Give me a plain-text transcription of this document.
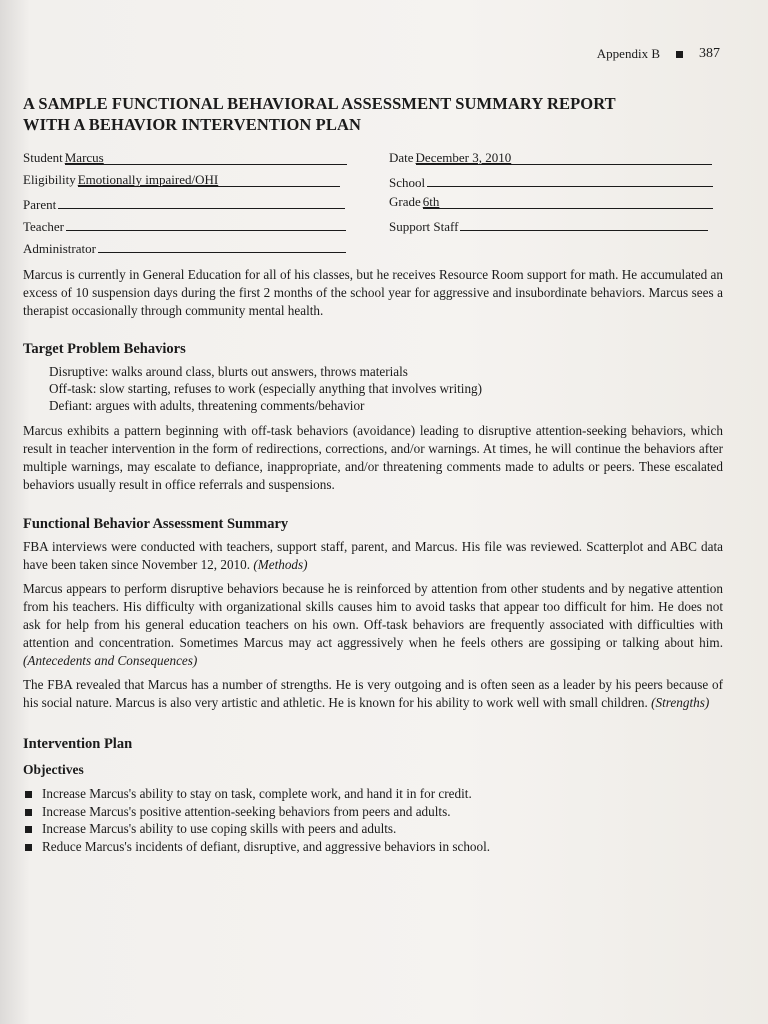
Appendix B	387
A SAMPLE FUNCTIONAL BEHAVIORAL ASSESSMENT SUMMARY REPORT
WITH A BEHAVIOR INTERVENTION PLAN
Student Marcus	Date December 3, 2010
Eligibility Emotionally impaired/OHI	School
Parent	Grade 6th
Teacher	Support Staff
Administrator

Marcus is currently in General Education for all of his classes, but he receives Resource Room support for math. He accumulated an excess of 10 suspension days during the first 2 months of the school year for aggressive and insubordinate behaviors. Marcus sees a therapist occasionally through community mental health.

Target Problem Behaviors
Disruptive: walks around class, blurts out answers, throws materials
Off-task: slow starting, refuses to work (especially anything that involves writing)
Defiant: argues with adults, threatening comments/behavior

Marcus exhibits a pattern beginning with off-task behaviors (avoidance) leading to disruptive attention-seeking behaviors, which result in teacher intervention in the form of redirections, corrections, and/or warnings. At times, he will continue the behaviors after multiple warnings, may escalate to defiance, inappropriate, and/or threatening comments made to adults or peers. These escalated behaviors usually result in office referrals and suspensions.

Functional Behavior Assessment Summary

FBA interviews were conducted with teachers, support staff, parent, and Marcus. His file was reviewed. Scatterplot and ABC data have been taken since November 12, 2010. (Methods)

Marcus appears to perform disruptive behaviors because he is reinforced by attention from other students and by negative attention from his teachers. His difficulty with organizational skills causes him to avoid tasks that appear too difficult for him. He does not ask for help from his general education teachers on his own. Off-task behaviors are frequently associated with difficulties with attention and concentration. Sometimes Marcus may act aggressively when he feels others are gossiping or talking about him. (Antecedents and Consequences)

The FBA revealed that Marcus has a number of strengths. He is very outgoing and is often seen as a leader by his peers because of his social nature. Marcus is also very artistic and athletic. He is known for his ability to work well with small children. (Strengths)

Intervention Plan
Objectives
Increase Marcus's ability to stay on task, complete work, and hand it in for credit.
Increase Marcus's positive attention-seeking behaviors from peers and adults.
Increase Marcus's ability to use coping skills with peers and adults.
Reduce Marcus's incidents of defiant, disruptive, and aggressive behaviors in school.
